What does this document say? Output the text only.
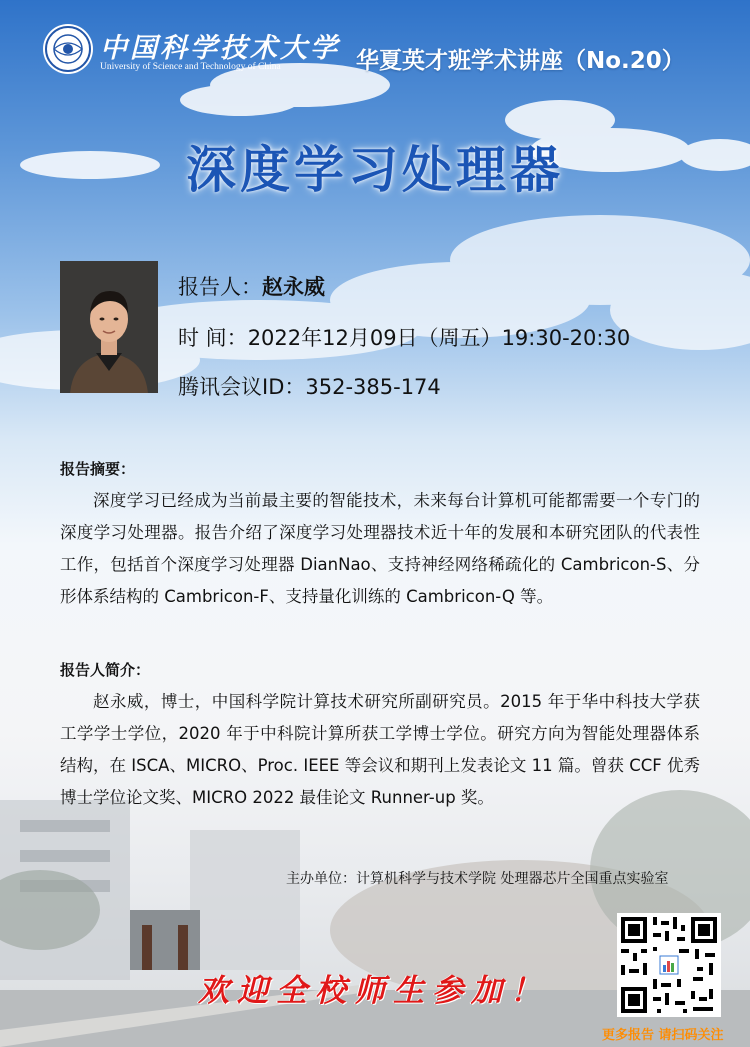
中国科学技术大学
University of Science and Technology of China	华夏英才班学术讲座（No.20）
深度学习处理器
报告人：赵永威
时 间：2022年12月09日（周五）19:30-20:30
腾讯会议ID：352-385-174
报告摘要：
深度学习已经成为当前最主要的智能技术，未来每台计算机可能都需要一个专门的深度学习处理器。报告介绍了深度学习处理器技术近十年的发展和本研究团队的代表性工作，包括首个深度学习处理器 DianNao、支持神经网络稀疏化的 Cambricon-S、分形体系结构的 Cambricon-F、支持量化训练的 Cambricon-Q 等。
报告人简介：
赵永威，博士，中国科学院计算技术研究所副研究员。2015 年于华中科技大学获工学学士学位，2020 年于中科院计算所获工学博士学位。研究方向为智能处理器体系结构，在 ISCA、MICRO、Proc. IEEE 等会议和期刊上发表论文 11 篇。曾获 CCF 优秀博士学位论文奖、MICRO 2022 最佳论文 Runner-up 奖。
主办单位：计算机科学与技术学院 处理器芯片全国重点实验室
欢迎全校师生参加！
更多报告 请扫码关注
